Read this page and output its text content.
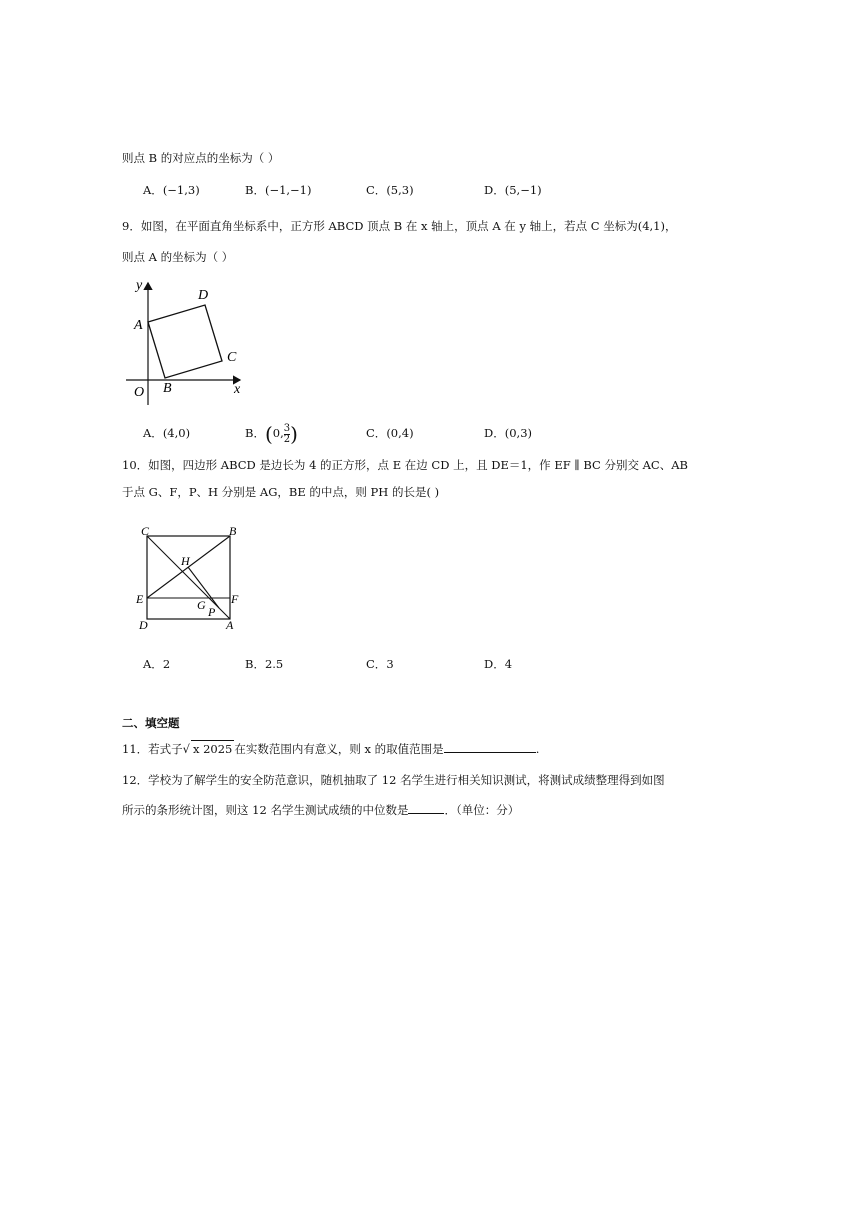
则点 B 的对应点的坐标为（ ）
A．(−1,3)	B．(−1,−1)	C．(5,3)	D．(5,−1)
9．如图，在平面直角坐标系中，正方形 ABCD 顶点 B 在 x 轴上，顶点 A 在 y 轴上，若点 C 坐标为(4,1)，
则点 A 的坐标为（ ）
y
x
O
A
B
C
D
A．(4,0)	B．(0, $\frac{3}{2}$ )	C．(0,4)	D．(0,3)
10．如图，四边形 ABCD 是边长为 4 的正方形，点 E 在边 CD 上，且 DE＝1，作 EF ∥ BC 分别交 AC、AB
于点 G、F，P、H 分别是 AG，BE 的中点，则 PH 的长是( )
C	B
H
E	G F
D
P
A
A．2	B．2.5	C．3	D．4
二、填空题
11．若式子√ x 2025 在实数范围内有意义，则 x 的取值范围是	.
12．学校为了解学生的安全防范意识，随机抽取了 12 名学生进行相关知识测试，将测试成绩整理得到如图
所示的条形统计图，则这 12 名学生测试成绩的中位数是	．（单位：分）
